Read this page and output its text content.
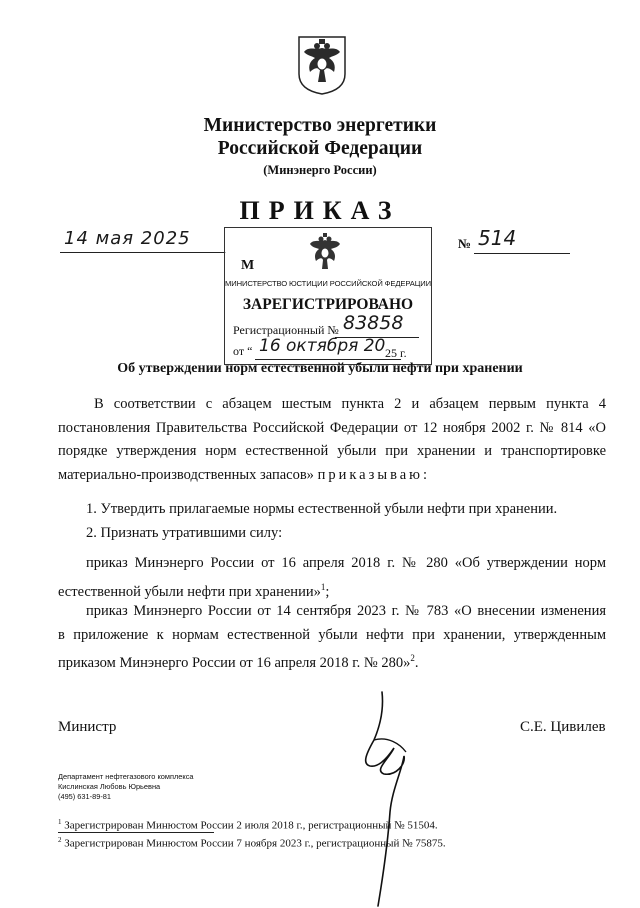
Министерство энергетики
Российской Федерации
(Минэнерго России)
ПРИКАЗ
14 мая 2025	№ 514
М
МИНИСТЕРСТВО ЮСТИЦИИ РОССИЙСКОЙ ФЕДЕРАЦИИ
ЗАРЕГИСТРИРОВАНО
Регистрационный № 83858
от “ 16 октября 20 25 г.
Об утверждении норм естественной убыли нефти при хранении
В соответствии с абзацем шестым пункта 2 и абзацем первым пункта 4 постановления Правительства Российской Федерации от 12 ноября 2002 г. № 814 «О порядке утверждения норм естественной убыли при хранении и транспортировке материально-производственных запасов» приказываю:
1. Утвердить прилагаемые нормы естественной убыли нефти при хранении.
2. Признать утратившими силу:
приказ Минэнерго России от 16 апреля 2018 г. № 280 «Об утверждении норм
естественной убыли нефти при хранении»$^1$;
приказ Минэнерго России от 14 сентября 2023 г. № 783 «О внесении изменения
в приложение к нормам естественной убыли нефти при хранении, утвержденным
приказом Минэнерго России от 16 апреля 2018 г. № 280»$^2$.
Министр	С.Е. Цивилев
Департамент нефтегазового комплекса
Кислинская Любовь Юрьевна
(495) 631-89-81
$^1$ Зарегистрирован Минюстом России 2 июля 2018 г., регистрационный № 51504.
$^2$ Зарегистрирован Минюстом России 7 ноября 2023 г., регистрационный № 75875.
